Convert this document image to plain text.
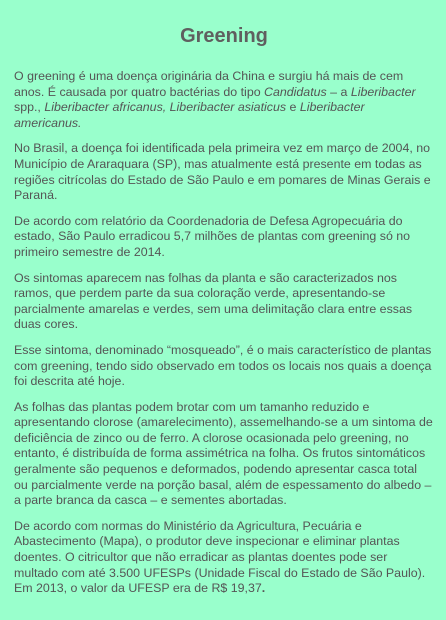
Greening

O greening é uma doença originária da China e surgiu há mais de cem anos. É causada por quatro bactérias do tipo Candidatus – a Liberibacter spp., Liberibacter africanus, Liberibacter asiaticus e Liberibacter americanus.

No Brasil, a doença foi identificada pela primeira vez em março de 2004, no Município de Araraquara (SP), mas atualmente está presente em todas as regiões citrícolas do Estado de São Paulo e em pomares de Minas Gerais e Paraná.

De acordo com relatório da Coordenadoria de Defesa Agropecuária do estado, São Paulo erradicou 5,7 milhões de plantas com greening só no primeiro semestre de 2014.

Os sintomas aparecem nas folhas da planta e são caracterizados nos ramos, que perdem parte da sua coloração verde, apresentando-se parcialmente amarelas e verdes, sem uma delimitação clara entre essas duas cores.

Esse sintoma, denominado “mosqueado”, é o mais característico de plantas com greening, tendo sido observado em todos os locais nos quais a doença foi descrita até hoje.

As folhas das plantas podem brotar com um tamanho reduzido e apresentando clorose (amarelecimento), assemelhando-se a um sintoma de deficiência de zinco ou de ferro. A clorose ocasionada pelo greening, no entanto, é distribuída de forma assimétrica na folha. Os frutos sintomáticos geralmente são pequenos e deformados, podendo apresentar casca total ou parcialmente verde na porção basal, além de espessamento do albedo – a parte branca da casca – e sementes abortadas.

De acordo com normas do Ministério da Agricultura, Pecuária e Abastecimento (Mapa), o produtor deve inspecionar e eliminar plantas doentes. O citricultor que não erradicar as plantas doentes pode ser multado com até 3.500 UFESPs (Unidade Fiscal do Estado de São Paulo). Em 2013, o valor da UFESP era de R$ 19,37.
